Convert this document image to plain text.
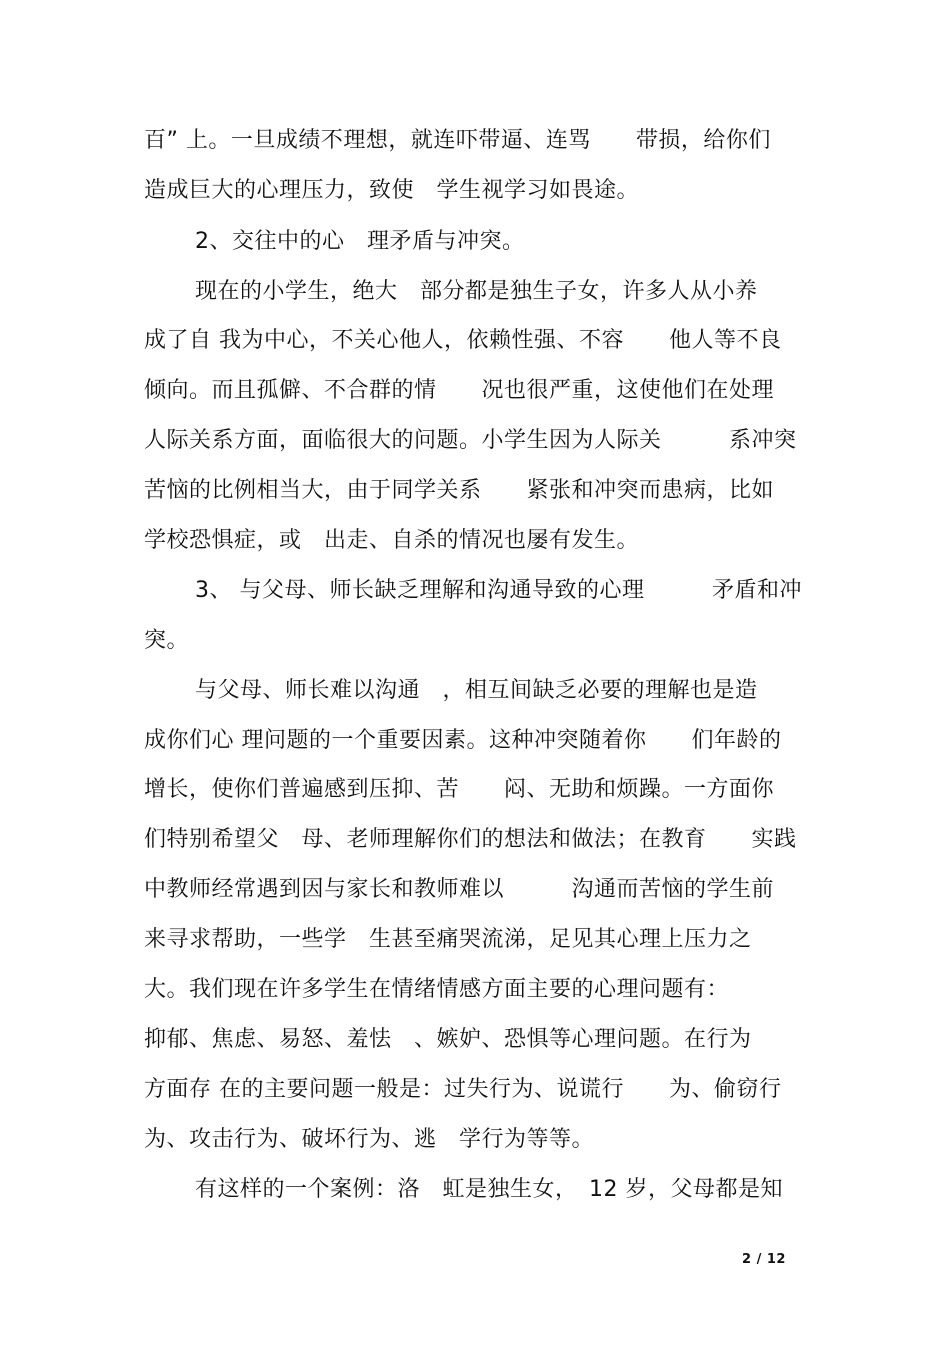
百” 上。一旦成绩不理想，就连吓带逼、连骂　　带损，给你们
造成巨大的心理压力，致使　学生视学习如畏途。
2、交往中的心　理矛盾与冲突。
现在的小学生，绝大　部分都是独生子女，许多人从小养
成了自 我为中心，不关心他人，依赖性强、不容　　他人等不良
倾向。而且孤僻、不合群的情　　况也很严重，这使他们在处理
人际关系方面，面临很大的问题。小学生因为人际关　　　系冲突
苦恼的比例相当大，由于同学关系　　紧张和冲突而患病，比如
学校恐惧症，或　出走、自杀的情况也屡有发生。
3、 与父母、师长缺乏理解和沟通导致的心理　　　矛盾和冲
突。
与父母、师长难以沟通　，相互间缺乏必要的理解也是造
成你们心 理问题的一个重要因素。这种冲突随着你　　们年龄的
增长，使你们普遍感到压抑、苦　　闷、无助和烦躁。一方面你
们特别希望父　母、老师理解你们的想法和做法；在教育　　实践
中教师经常遇到因与家长和教师难以　　　沟通而苦恼的学生前
来寻求帮助，一些学　生甚至痛哭流涕，足见其心理上压力之
大。我们现在许多学生在情绪情感方面主要的心理问题有：
抑郁、焦虑、易怒、羞怯　、嫉妒、恐惧等心理问题。在行为
方面存 在的主要问题一般是：过失行为、说谎行　　为、偷窃行
为、攻击行为、破坏行为、逃　学行为等等。
有这样的一个案例：洛　虹是独生女，　12 岁，父母都是知
2 / 12
